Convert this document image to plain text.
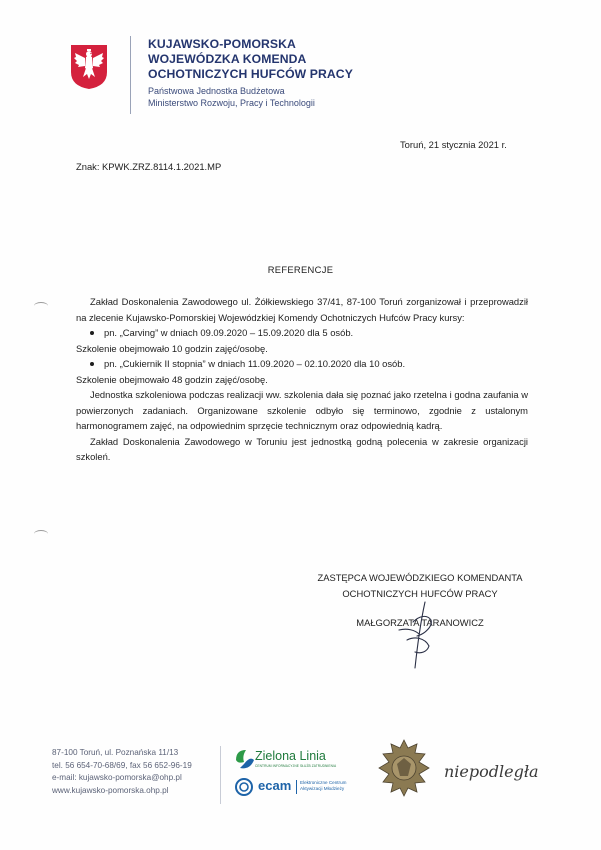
KUJAWSKO-POMORSKA
WOJEWÓDZKA KOMENDA
OCHOTNICZYCH HUFCÓW PRACY
Państwowa Jednostka Budżetowa
Ministerstwo Rozwoju, Pracy i Technologii
Toruń, 21 stycznia 2021 r.
Znak: KPWK.ZRZ.8114.1.2021.MP
REFERENCJE

Zakład Doskonalenia Zawodowego ul. Żółkiewskiego 37/41, 87-100 Toruń zorganizował i przeprowadził na zlecenie Kujawsko-Pomorskiej Wojewódzkiej Komendy Ochotniczych Hufców Pracy kursy:

pn. „Carving” w dniach 09.09.2020 – 15.09.2020 dla 5 osób.

Szkolenie obejmowało 10 godzin zajęć/osobę.

pn. „Cukiernik II stopnia” w dniach 11.09.2020 – 02.10.2020 dla 10 osób.

Szkolenie obejmowało 48 godzin zajęć/osobę.

Jednostka szkoleniowa podczas realizacji ww. szkolenia dała się poznać jako rzetelna i godna zaufania w powierzonych zadaniach. Organizowane szkolenie odbyło się terminowo, zgodnie z ustalonym harmonogramem zajęć, na odpowiednim sprzęcie technicznym oraz odpowiednią kadrą.

Zakład Doskonalenia Zawodowego w Toruniu jest jednostką godną polecenia w zakresie organizacji szkoleń.

ZASTĘPCA WOJEWÓDZKIEGO KOMENDANTA
OCHOTNICZYCH HUFCÓW PRACY
MAŁGORZATA TARANOWICZ
87-100 Toruń, ul. Poznańska 11/13
tel. 56 654-70-68/69, fax 56 652-96-19
e-mail: kujawsko-pomorska@ohp.pl
www.kujawsko-pomorska.ohp.pl
Zielona Linia
CENTRUM INFORMACYJNE SŁUŻB ZATRUDNIENIA
ecam Elektroniczne Centrum Aktywizacji Młodzieży
niepodległa
